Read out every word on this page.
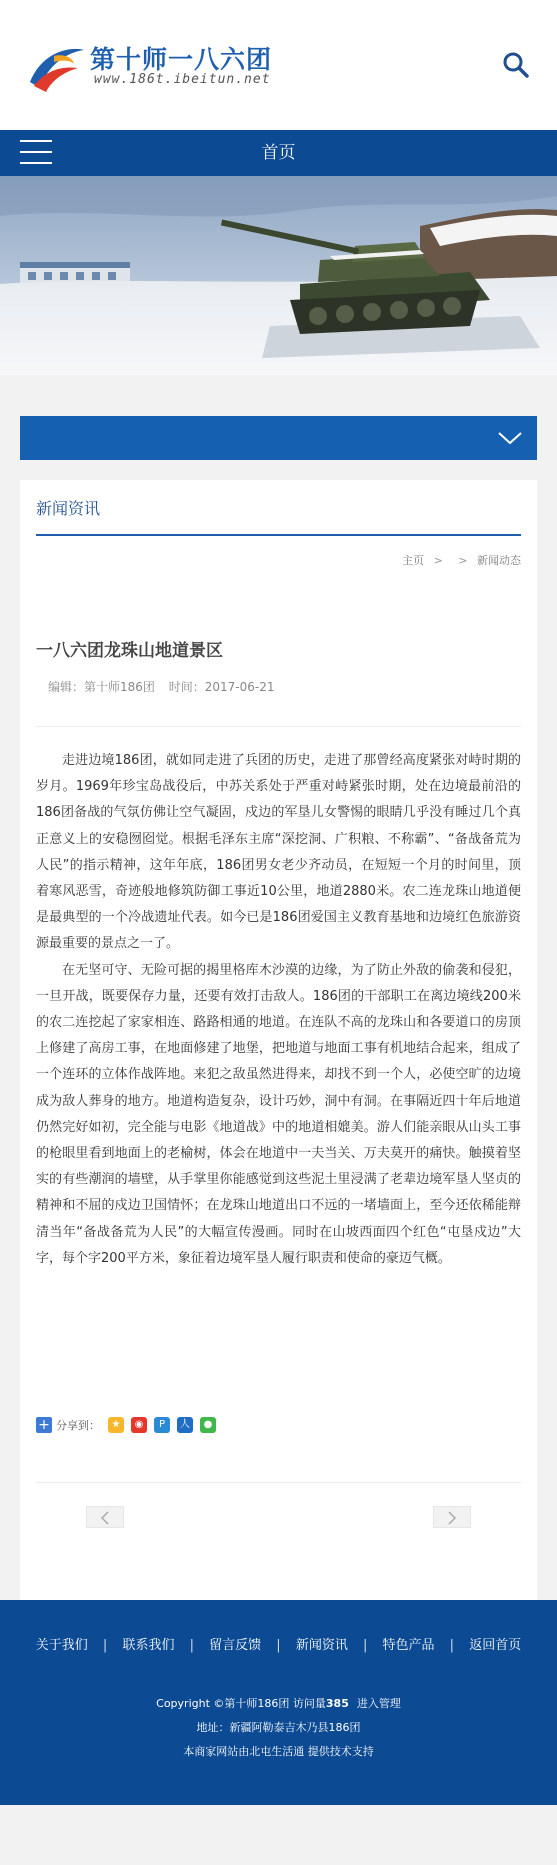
第十师一八六团
www.186t.ibeitun.net
首页
新闻资讯
主页 > > 新闻动态
一八六团龙珠山地道景区
编辑：第十师186团 时间：2017-06-21

走进边境186团，就如同走进了兵团的历史，走进了那曾经高度紧张对峙时期的岁月。1969年珍宝岛战役后，中苏关系处于严重对峙紧张时期，处在边境最前沿的186团备战的气氛仿佛让空气凝固，戍边的军垦儿女警惕的眼睛几乎没有睡过几个真正意义上的安稳囫囵觉。根据毛泽东主席“深挖洞、广积粮、不称霸”、“备战备荒为人民”的指示精神，这年年底，186团男女老少齐动员，在短短一个月的时间里，顶着寒风恶雪，奇迹般地修筑防御工事近10公里，地道2880米。农二连龙珠山地道便是最典型的一个冷战遗址代表。如今已是186团爱国主义教育基地和边境红色旅游资源最重要的景点之一了。

在无坚可守、无险可据的揭里格库木沙漠的边缘，为了防止外敌的偷袭和侵犯，一旦开战，既要保存力量，还要有效打击敌人。186团的干部职工在离边境线200米的农二连挖起了家家相连、路路相通的地道。在连队不高的龙珠山和各要道口的房顶上修建了高房工事，在地面修建了地堡，把地道与地面工事有机地结合起来，组成了一个连环的立体作战阵地。来犯之敌虽然进得来，却找不到一个人，必使空旷的边境成为敌人葬身的地方。地道构造复杂，设计巧妙，洞中有洞。在事隔近四十年后地道仍然完好如初，完全能与电影《地道战》中的地道相媲美。游人们能亲眼从山头工事的枪眼里看到地面上的老榆树，体会在地道中一夫当关、万夫莫开的痛快。触摸着坚实的有些潮润的墙壁，从手掌里你能感觉到这些泥土里浸满了老辈边境军垦人坚贞的精神和不屈的戍边卫国情怀；在龙珠山地道出口不远的一堵墙面上，至今还依稀能辩清当年“备战备荒为人民”的大幅宣传漫画。同时在山坡西面四个红色“屯垦戍边”大字，每个字200平方米，象征着边境军垦人履行职责和使命的豪迈气概。

+ 分享到：	★	◉	P	人	●
关于我们 | 联系我们 | 留言反馈 | 新闻资讯 | 特色产品 | 返回首页
Copyright ©第十师186团 访问量385 进入管理
地址：新疆阿勒泰吉木乃县186团
本商家网站由北屯生活通 提供技术支持
